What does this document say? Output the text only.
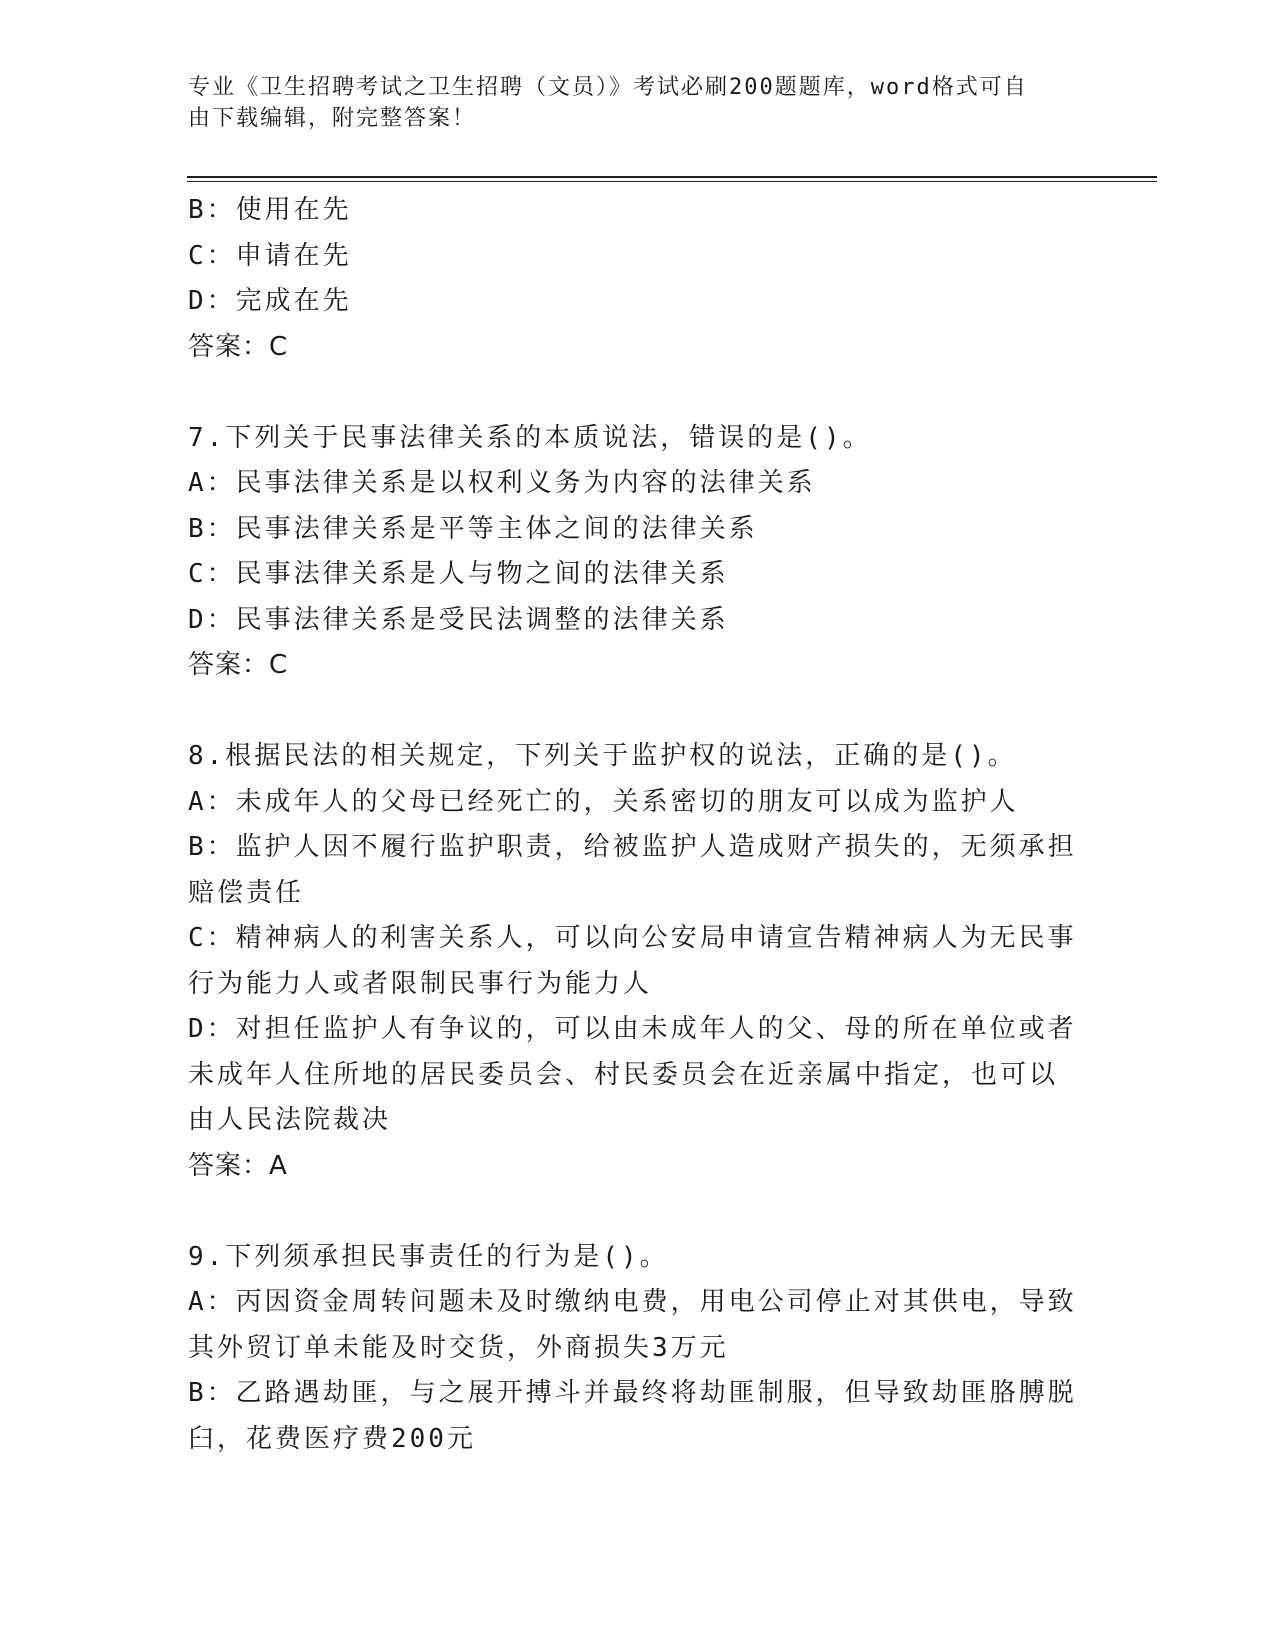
专业《卫生招聘考试之卫生招聘（文员）》考试必刷200题题库，word格式可自
由下载编辑，附完整答案！
B：使用在先
C：申请在先
D：完成在先
答案：C
7.下列关于民事法律关系的本质说法，错误的是()。
A：民事法律关系是以权利义务为内容的法律关系
B：民事法律关系是平等主体之间的法律关系
C：民事法律关系是人与物之间的法律关系
D：民事法律关系是受民法调整的法律关系
答案：C
8.根据民法的相关规定，下列关于监护权的说法，正确的是()。
A：未成年人的父母已经死亡的，关系密切的朋友可以成为监护人
B：监护人因不履行监护职责，给被监护人造成财产损失的，无须承担
赔偿责任
C：精神病人的利害关系人，可以向公安局申请宣告精神病人为无民事
行为能力人或者限制民事行为能力人
D：对担任监护人有争议的，可以由未成年人的父、母的所在单位或者
未成年人住所地的居民委员会、村民委员会在近亲属中指定，也可以
由人民法院裁决
答案：A
9.下列须承担民事责任的行为是()。
A：丙因资金周转问题未及时缴纳电费，用电公司停止对其供电，导致
其外贸订单未能及时交货，外商损失3万元
B：乙路遇劫匪，与之展开搏斗并最终将劫匪制服，但导致劫匪胳膊脱
臼，花费医疗费200元
